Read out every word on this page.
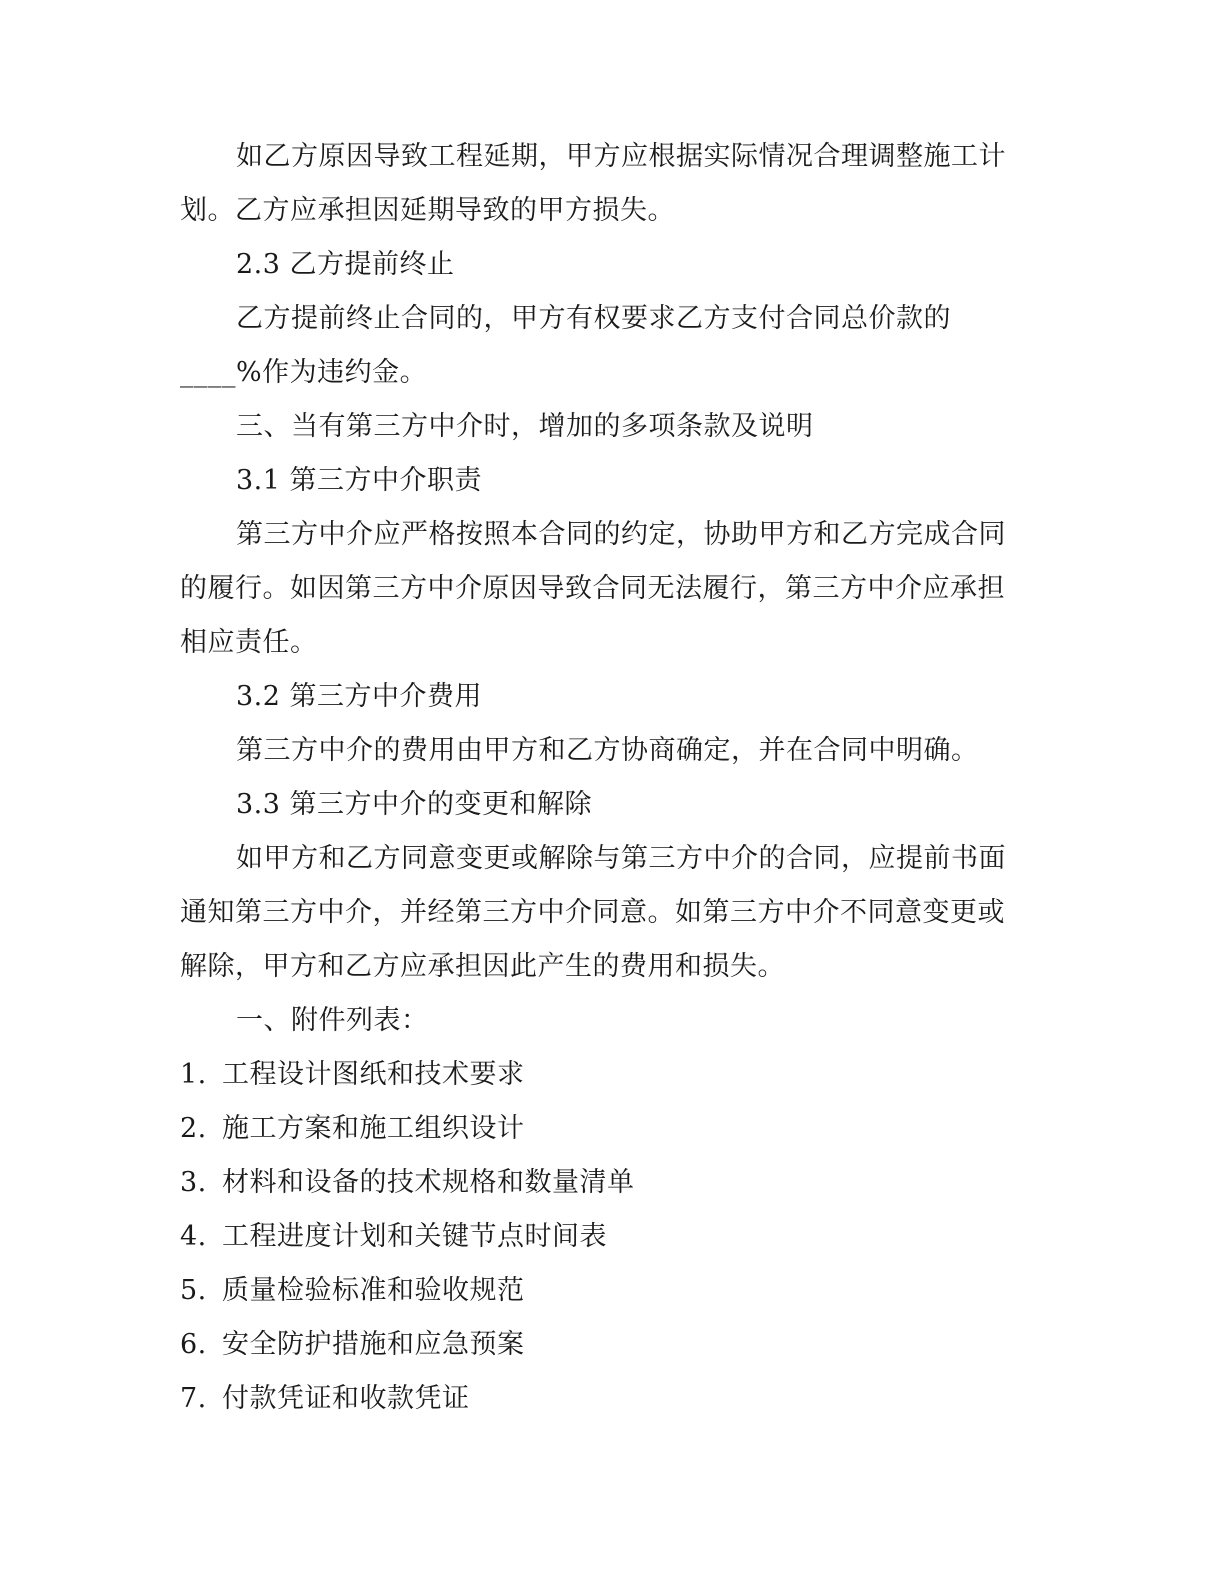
如乙方原因导致工程延期，甲方应根据实际情况合理调整施工计划。乙方应承担因延期导致的甲方损失。

2.3 乙方提前终止

乙方提前终止合同的，甲方有权要求乙方支付合同总价款的____%作为违约金。

三、当有第三方中介时，增加的多项条款及说明

3.1 第三方中介职责

第三方中介应严格按照本合同的约定，协助甲方和乙方完成合同的履行。如因第三方中介原因导致合同无法履行，第三方中介应承担相应责任。

3.2 第三方中介费用

第三方中介的费用由甲方和乙方协商确定，并在合同中明确。

3.3 第三方中介的变更和解除

如甲方和乙方同意变更或解除与第三方中介的合同，应提前书面通知第三方中介，并经第三方中介同意。如第三方中介不同意变更或解除，甲方和乙方应承担因此产生的费用和损失。

一、附件列表：

1. 工程设计图纸和技术要求

2. 施工方案和施工组织设计

3. 材料和设备的技术规格和数量清单

4. 工程进度计划和关键节点时间表

5. 质量检验标准和验收规范

6. 安全防护措施和应急预案

7. 付款凭证和收款凭证
